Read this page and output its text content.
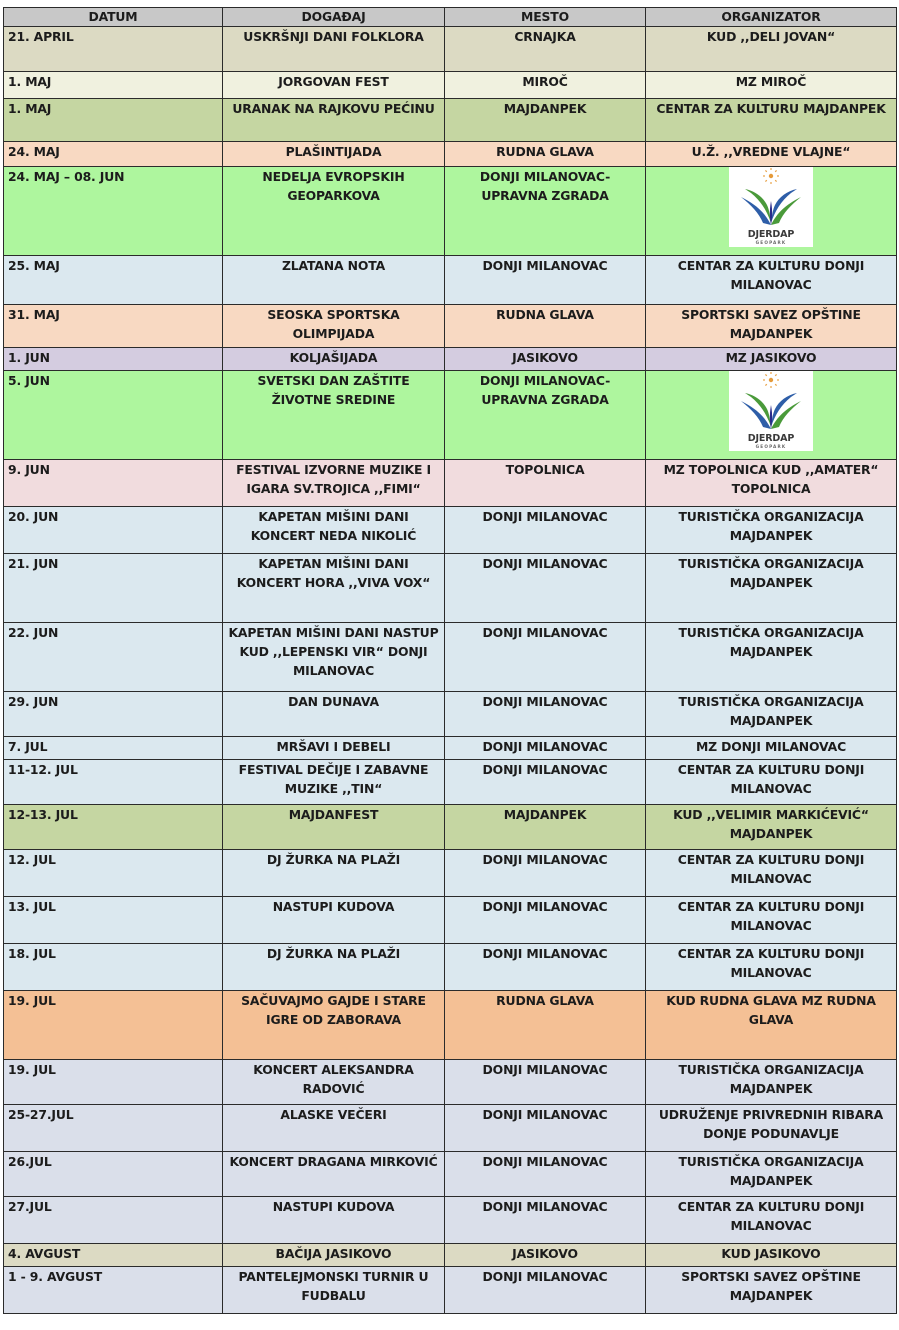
DATUM	DOGAĐAJ	MESTO	ORGANIZATOR
21. APRIL	USKRŠNJI DANI FOLKLORA	CRNAJKA	KUD ,,DELI JOVAN“
1. MAJ	JORGOVAN FEST	MIROČ	MZ MIROČ
1. MAJ	URANAK NA RAJKOVU PEĆINU	MAJDANPEK	CENTAR ZA KULTURU MAJDANPEK
24. MAJ	PLAŠINTIJADA	RUDNA GLAVA	U.Ž. ,,VREDNE VLAJNE“
24. MAJ – 08. JUN	NEDELJA EVROPSKIH GEOPARKOVA	DONJI MILANOVAC-UPRAVNA ZGRADA	DJERDAP
GEOPARK

25. MAJ	ZLATANA NOTA	DONJI MILANOVAC	CENTAR ZA KULTURU DONJI MILANOVAC
31. MAJ	SEOSKA SPORTSKA OLIMPIJADA	RUDNA GLAVA	SPORTSKI SAVEZ OPŠTINE MAJDANPEK
1. JUN	KOLJAŠIJADA	JASIKOVO	MZ JASIKOVO
5. JUN	SVETSKI DAN ZAŠTITE ŽIVOTNE SREDINE	DONJI MILANOVAC-UPRAVNA ZGRADA	DJERDAP
GEOPARK

9. JUN	FESTIVAL IZVORNE MUZIKE I IGARA SV.TROJICA ,,FIMI“	TOPOLNICA	MZ TOPOLNICA KUD ,,AMATER“ TOPOLNICA
20. JUN	KAPETAN MIŠINI DANI KONCERT NEDA NIKOLIĆ	DONJI MILANOVAC	TURISTIČKA ORGANIZACIJA MAJDANPEK
21. JUN	KAPETAN MIŠINI DANI KONCERT HORA ,,VIVA VOX“	DONJI MILANOVAC	TURISTIČKA ORGANIZACIJA MAJDANPEK
22. JUN	KAPETAN MIŠINI DANI NASTUP KUD ,,LEPENSKI VIR“ DONJI MILANOVAC	DONJI MILANOVAC	TURISTIČKA ORGANIZACIJA MAJDANPEK
29. JUN	DAN DUNAVA	DONJI MILANOVAC	TURISTIČKA ORGANIZACIJA MAJDANPEK
7. JUL	MRŠAVI I DEBELI	DONJI MILANOVAC	MZ DONJI MILANOVAC
11-12. JUL	FESTIVAL DEČIJE I ZABAVNE MUZIKE ,,TIN“	DONJI MILANOVAC	CENTAR ZA KULTURU DONJI MILANOVAC
12-13. JUL	MAJDANFEST	MAJDANPEK	KUD ,,VELIMIR MARKIĆEVIĆ“ MAJDANPEK
12. JUL	DJ ŽURKA NA PLAŽI	DONJI MILANOVAC	CENTAR ZA KULTURU DONJI MILANOVAC
13. JUL	NASTUPI KUDOVA	DONJI MILANOVAC	CENTAR ZA KULTURU DONJI MILANOVAC
18. JUL	DJ ŽURKA NA PLAŽI	DONJI MILANOVAC	CENTAR ZA KULTURU DONJI MILANOVAC
19. JUL	SAČUVAJMO GAJDE I STARE IGRE OD ZABORAVA	RUDNA GLAVA	KUD RUDNA GLAVA MZ RUDNA GLAVA
19. JUL	KONCERT ALEKSANDRA RADOVIĆ	DONJI MILANOVAC	TURISTIČKA ORGANIZACIJA MAJDANPEK
25-27.JUL	ALASKE VEČERI	DONJI MILANOVAC	UDRUŽENJE PRIVREDNIH RIBARA DONJE PODUNAVLJE
26.JUL	KONCERT DRAGANA MIRKOVIĆ	DONJI MILANOVAC	TURISTIČKA ORGANIZACIJA MAJDANPEK
27.JUL	NASTUPI KUDOVA	DONJI MILANOVAC	CENTAR ZA KULTURU DONJI MILANOVAC
4. AVGUST	BAČIJA JASIKOVO	JASIKOVO	KUD JASIKOVO
1 - 9. AVGUST	PANTELEJMONSKI TURNIR U FUDBALU	DONJI MILANOVAC	SPORTSKI SAVEZ OPŠTINE MAJDANPEK
